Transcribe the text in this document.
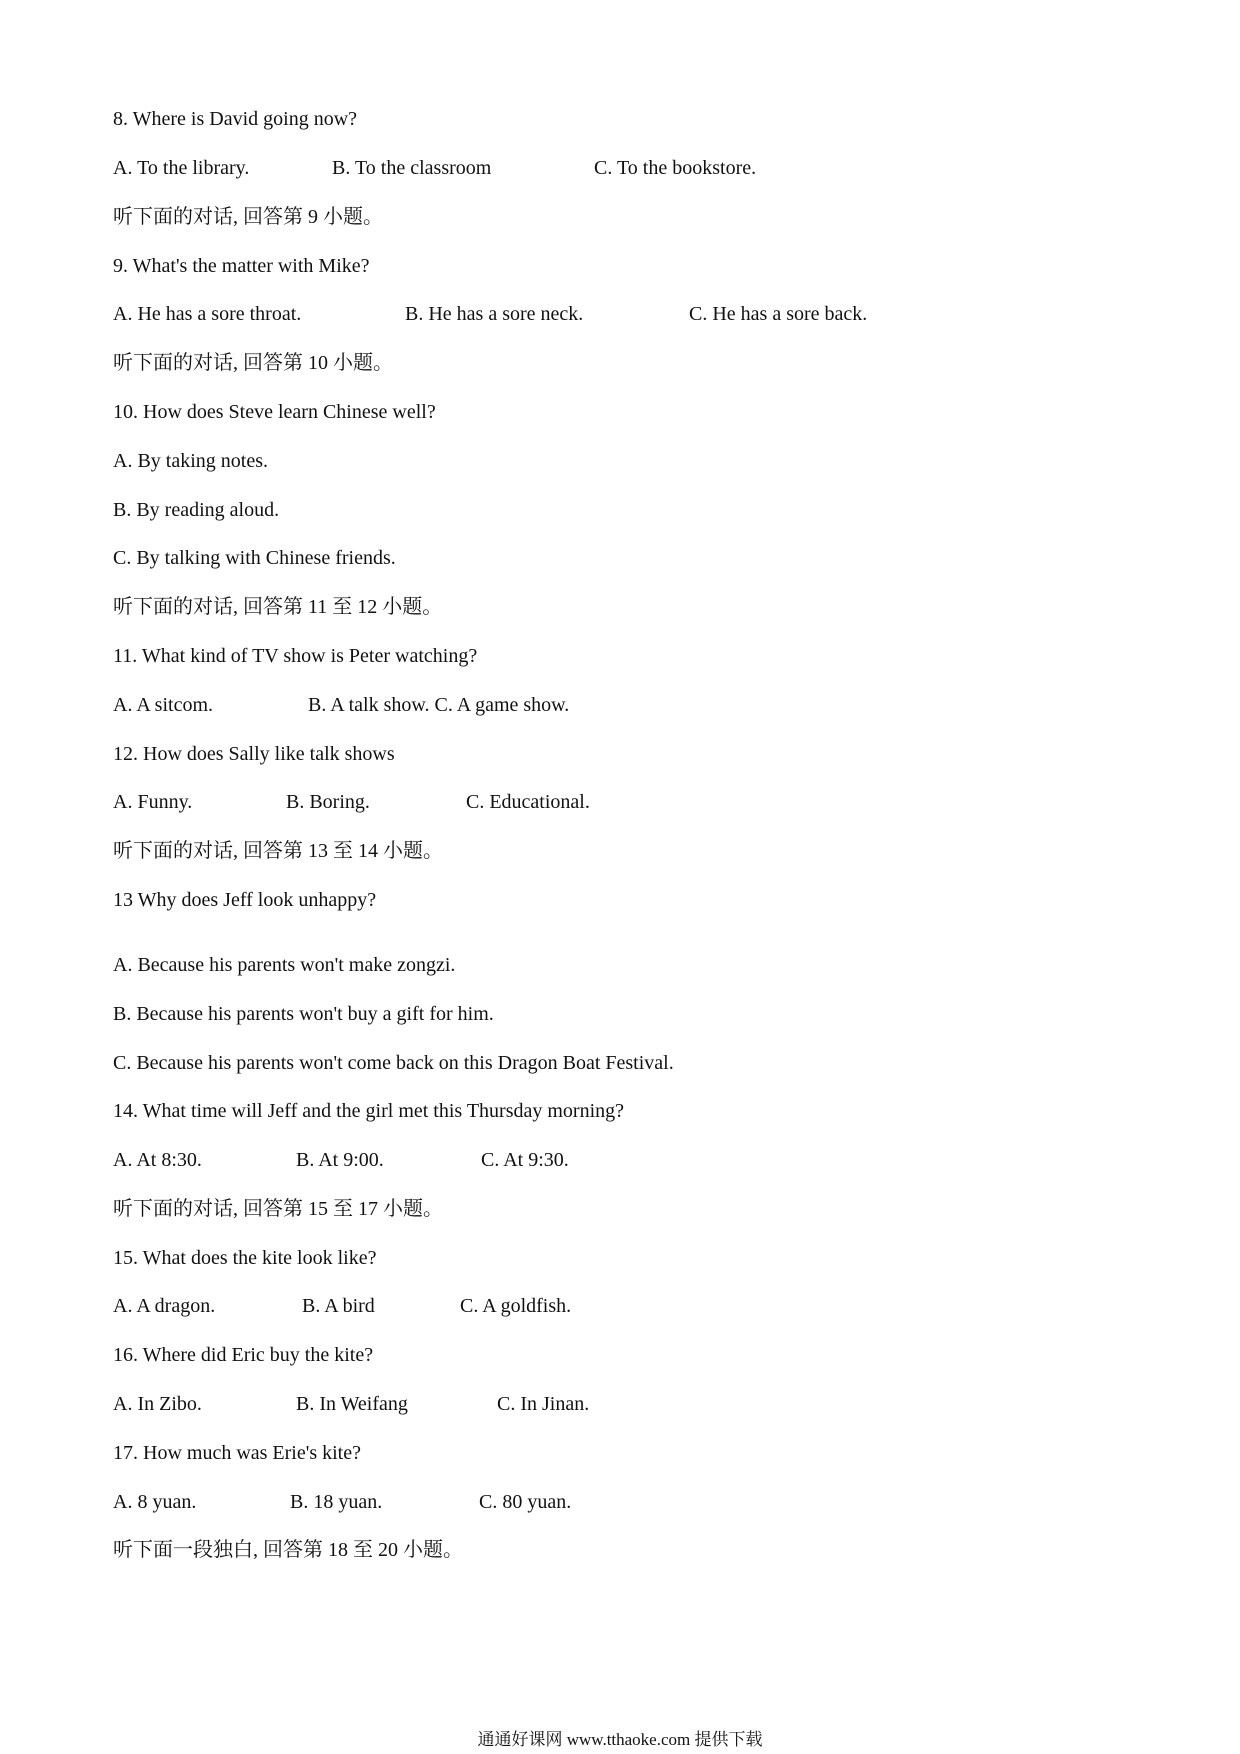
8. Where is David going now?
A. To the library.	B. To the classroom	C. To the bookstore.
听下面的对话, 回答第 9 小题。
9. What's the matter with Mike?
A. He has a sore throat.	B. He has a sore neck.	C. He has a sore back.
听下面的对话, 回答第 10 小题。
10. How does Steve learn Chinese well?
A. By taking notes.
B. By reading aloud.
C. By talking with Chinese friends.
听下面的对话, 回答第 11 至 12 小题。
11. What kind of TV show is Peter watching?
A. A sitcom.	B. A talk show. C. A game show.
12. How does Sally like talk shows
A. Funny.	B. Boring.	C. Educational.
听下面的对话, 回答第 13 至 14 小题。
13 Why does Jeff look unhappy?
A. Because his parents won't make zongzi.
B. Because his parents won't buy a gift for him.
C. Because his parents won't come back on this Dragon Boat Festival.
14. What time will Jeff and the girl met this Thursday morning?
A. At 8:30.	B. At 9:00.	C. At 9:30.
听下面的对话, 回答第 15 至 17 小题。
15. What does the kite look like?
A. A dragon.	B. A bird	C. A goldfish.
16. Where did Eric buy the kite?
A. In Zibo.	B. In Weifang	C. In Jinan.
17. How much was Erie's kite?
A. 8 yuan.	B. 18 yuan.	C. 80 yuan.
听下面一段独白, 回答第 18 至 20 小题。
通通好课网 www.tthaoke.com 提供下载
